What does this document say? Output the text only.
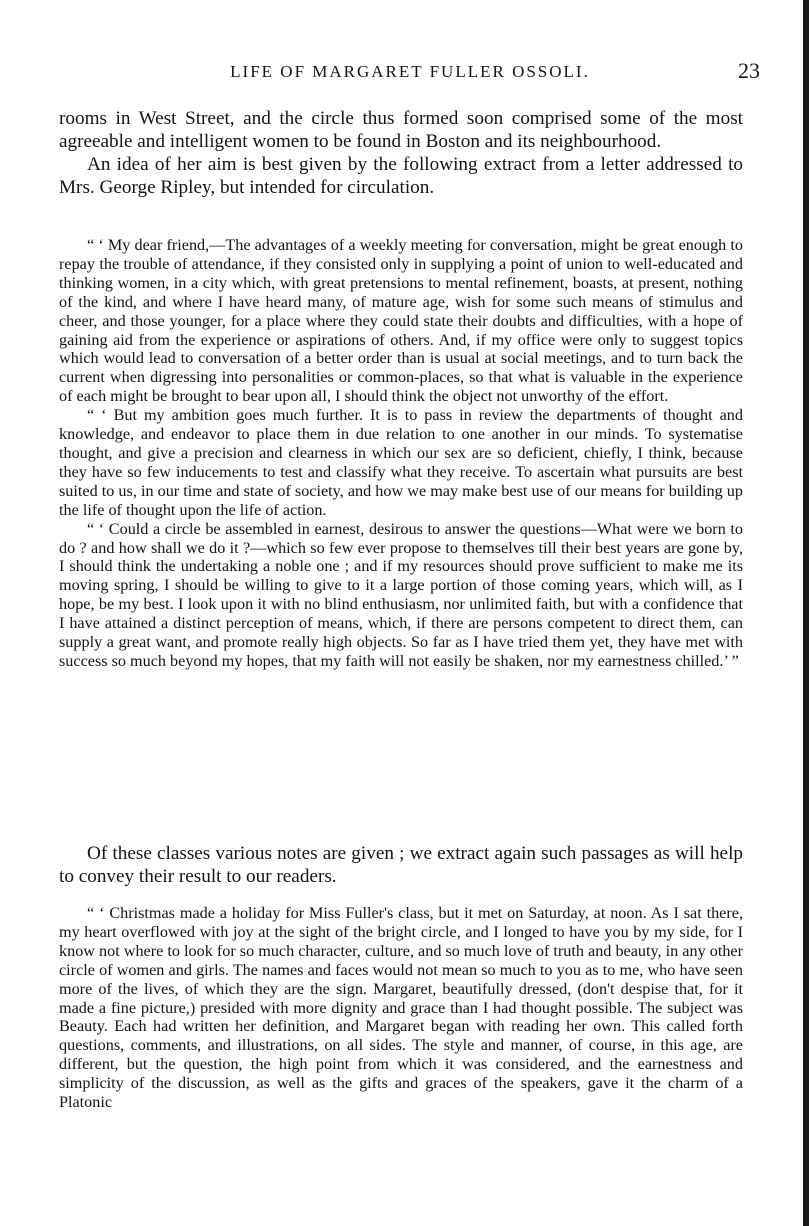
LIFE OF MARGARET FULLER OSSOLI.	23

rooms in West Street, and the circle thus formed soon comprised some of the most agreeable and intelligent women to be found in Boston and its neighbourhood.

An idea of her aim is best given by the following extract from a letter addressed to Mrs. George Ripley, but intended for circulation.

“ ‘ My dear friend,—The advantages of a weekly meeting for conversation, might be great enough to repay the trouble of attendance, if they consisted only in supplying a point of union to well-educated and thinking women, in a city which, with great pretensions to mental refinement, boasts, at present, nothing of the kind, and where I have heard many, of mature age, wish for some such means of stimulus and cheer, and those younger, for a place where they could state their doubts and difficulties, with a hope of gaining aid from the experience or aspirations of others. And, if my office were only to suggest topics which would lead to conversation of a better order than is usual at social meetings, and to turn back the current when digressing into personalities or common-places, so that what is valuable in the experience of each might be brought to bear upon all, I should think the object not unworthy of the effort.

“ ‘ But my ambition goes much further. It is to pass in review the departments of thought and knowledge, and endeavor to place them in due relation to one another in our minds. To systematise thought, and give a precision and clearness in which our sex are so deficient, chiefly, I think, because they have so few inducements to test and classify what they receive. To ascertain what pursuits are best suited to us, in our time and state of society, and how we may make best use of our means for building up the life of thought upon the life of action.

“ ‘ Could a circle be assembled in earnest, desirous to answer the questions—What were we born to do ? and how shall we do it ?—which so few ever propose to themselves till their best years are gone by, I should think the undertaking a noble one ; and if my resources should prove sufficient to make me its moving spring, I should be willing to give to it a large portion of those coming years, which will, as I hope, be my best. I look upon it with no blind enthusiasm, nor unlimited faith, but with a confidence that I have attained a distinct perception of means, which, if there are persons competent to direct them, can supply a great want, and promote really high objects. So far as I have tried them yet, they have met with success so much beyond my hopes, that my faith will not easily be shaken, nor my earnestness chilled.’ ”

Of these classes various notes are given ; we extract again such passages as will help to convey their result to our readers.

“ ‘ Christmas made a holiday for Miss Fuller's class, but it met on Saturday, at noon. As I sat there, my heart overflowed with joy at the sight of the bright circle, and I longed to have you by my side, for I know not where to look for so much character, culture, and so much love of truth and beauty, in any other circle of women and girls. The names and faces would not mean so much to you as to me, who have seen more of the lives, of which they are the sign. Margaret, beautifully dressed, (don't despise that, for it made a fine picture,) presided with more dignity and grace than I had thought possible. The subject was Beauty. Each had written her definition, and Margaret began with reading her own. This called forth questions, comments, and illustrations, on all sides. The style and manner, of course, in this age, are different, but the question, the high point from which it was considered, and the earnestness and simplicity of the discussion, as well as the gifts and graces of the speakers, gave it the charm of a Platonic
